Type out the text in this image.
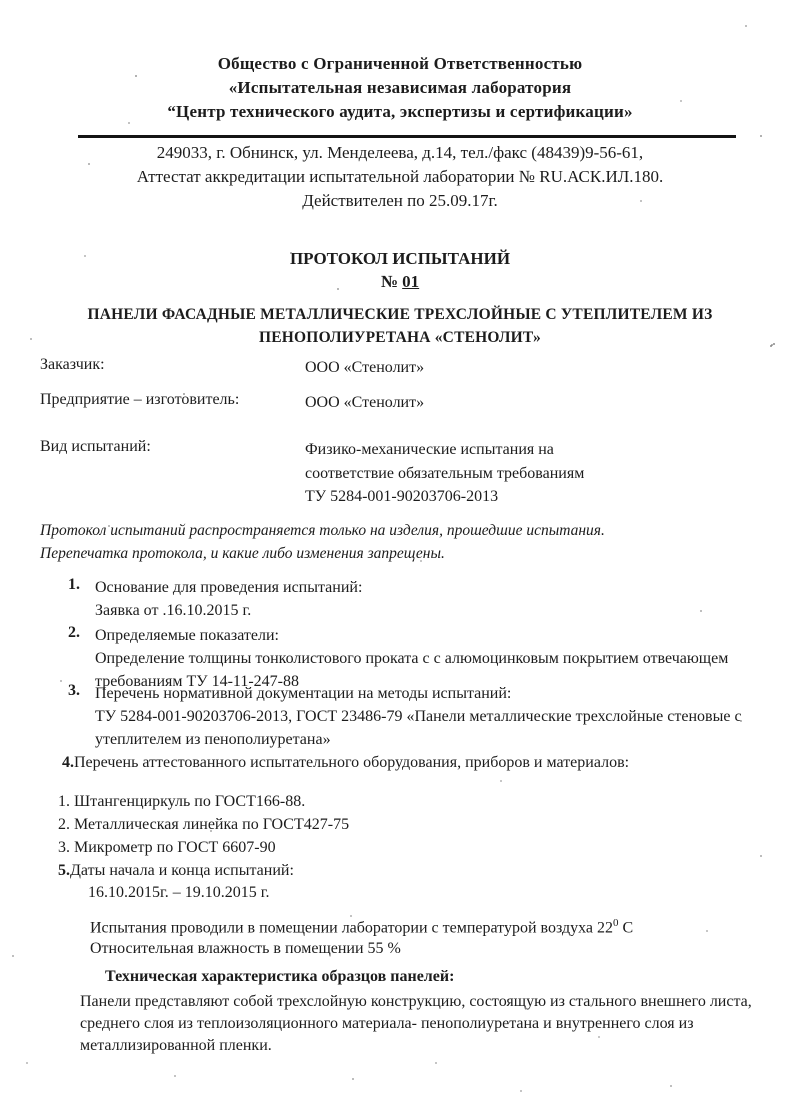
Общество с Ограниченной Ответственностью
«Испытательная независимая лаборатория
“Центр технического аудита, экспертизы и сертификации»
249033, г. Обнинск, ул. Менделеева, д.14, тел./факс (48439)9-56-61,
Аттестат аккредитации испытательной лаборатории № RU.АСК.ИЛ.180.
Действителен по 25.09.17г.
ПРОТОКОЛ ИСПЫТАНИЙ
№ 01
ПАНЕЛИ ФАСАДНЫЕ МЕТАЛЛИЧЕСКИЕ ТРЕХСЛОЙНЫЕ С УТЕПЛИТЕЛЕМ ИЗ
ПЕНОПОЛИУРЕТАНА «СТЕНОЛИТ»
Заказчик:	ООО «Стенолит»
Предприятие – изготовитель:	ООО «Стенолит»
Вид испытаний:	Физико-механические испытания на
соответствие обязательным требованиям
ТУ 5284-001-90203706-2013
Протокол испытаний распространяется только на изделия, прошедшие испытания.
Перепечатка протокола, и какие либо изменения запрещены.
1. Основание для проведения испытаний:
Заявка от .16.10.2015 г.
2. Определяемые показатели:
Определение толщины тонколистового проката с с алюмоцинковым покрытием отвечающем
требованиям ТУ 14-11-247-88
3. Перечень нормативной документации на методы испытаний:
ТУ 5284-001-90203706-2013, ГОСТ 23486-79 «Панели металлические трехслойные стеновые с
утеплителем из пенополиуретана»
4.Перечень аттестованного испытательного оборудования, приборов и материалов:
1. Штангенциркуль по ГОСТ166-88.
2. Металлическая линейка по ГОСТ427-75
3. Микрометр по ГОСТ 6607-90
5.Даты начала и конца испытаний:
16.10.2015г. – 19.10.2015 г.
Испытания проводили в помещении лаборатории с температурой воздуха $22^0$ С
Относительная влажность в помещении 55 %
Техническая характеристика образцов панелей:
Панели представляют собой трехслойную конструкцию, состоящую из стального внешнего листа,
среднего слоя из теплоизоляционного материала- пенополиуретана и внутреннего слоя из
металлизированной пленки.
